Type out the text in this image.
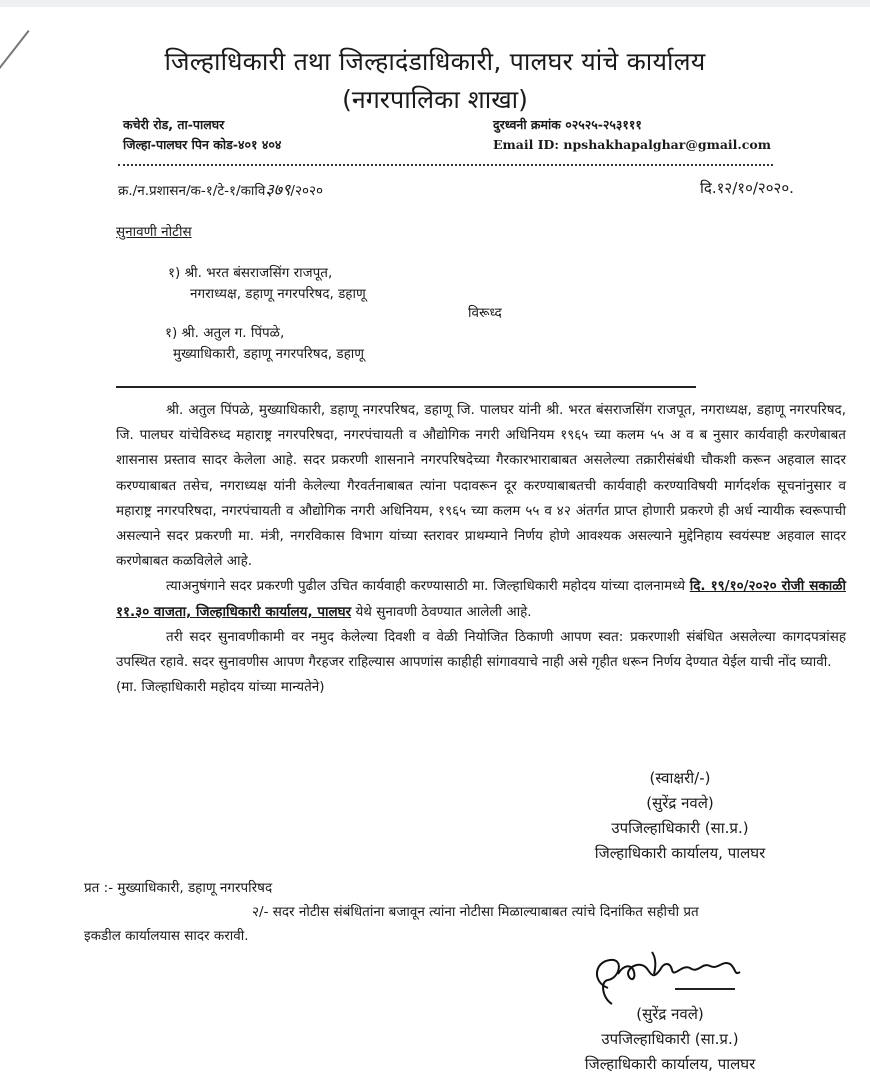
जिल्हाधिकारी तथा जिल्हादंडाधिकारी, पालघर यांचे कार्यालय
(नगरपालिका शाखा)
कचेरी रोड, ता-पालघर
जिल्हा-पालघर पिन कोड-४०१ ४०४
दुरध्वनी क्रमांक ०२५२५-२५३१११
Email ID: npshakhapalghar@gmail.com
क्र./न.प्रशासन/क-१/टे-१/कावि३७९/२०२०	दि.१२/१०/२०२०.
सुनावणी नोटीस
१) श्री. भरत बंसराजसिंग राजपूत,
नगराध्यक्ष, डहाणू नगरपरिषद, डहाणू
विरूध्द
१) श्री. अतुल ग. पिंपळे,
मुख्याधिकारी, डहाणू नगरपरिषद, डहाणू

श्री. अतुल पिंपळे, मुख्याधिकारी, डहाणू नगरपरिषद, डहाणू जि. पालघर यांनी श्री. भरत बंसराजसिंग राजपूत, नगराध्यक्ष, डहाणू नगरपरिषद, जि. पालघर यांचेविरुध्द महाराष्ट्र नगरपरिषदा, नगरपंचायती व औद्योगिक नगरी अधिनियम १९६५ च्या कलम ५५ अ व ब नुसार कार्यवाही करणेबाबत शासनास प्रस्ताव सादर केलेला आहे. सदर प्रकरणी शासनाने नगरपरिषदेच्या गैरकारभाराबाबत असलेल्या तक्रारीसंबंधी चौकशी करून अहवाल सादर करण्याबाबत तसेच, नगराध्यक्ष यांनी केलेल्या गैरवर्तनाबाबत त्यांना पदावरून दूर करण्याबाबतची कार्यवाही करण्याविषयी मार्गदर्शक सूचनांनुसार व महाराष्ट्र नगरपरिषदा, नगरपंचायती व औद्योगिक नगरी अधिनियम, १९६५ च्या कलम ५५ व ४२ अंतर्गत प्राप्त होणारी प्रकरणे ही अर्ध न्यायीक स्वरूपाची असल्याने सदर प्रकरणी मा. मंत्री, नगरविकास विभाग यांच्या स्तरावर प्राथम्याने निर्णय होणे आवश्यक असल्याने मुद्देनिहाय स्वयंस्पष्ट अहवाल सादर करणेबाबत कळविलेले आहे.

त्याअनुषंगाने सदर प्रकरणी पुढील उचित कार्यवाही करण्यासाठी मा. जिल्हाधिकारी महोदय यांच्या दालनामध्ये दि. १९/१०/२०२० रोजी सकाळी ११.३० वाजता, जिल्हाधिकारी कार्यालय, पालघर येथे सुनावणी ठेवण्यात आलेली आहे.

तरी सदर सुनावणीकामी वर नमुद केलेल्या दिवशी व वेळी नियोजित ठिकाणी आपण स्वत: प्रकरणाशी संबंधित असलेल्या कागदपत्रांसह उपस्थित रहावे. सदर सुनावणीस आपण गैरहजर राहिल्यास आपणांस काहीही सांगावयाचे नाही असे गृहीत धरून निर्णय देण्यात येईल याची नोंद घ्यावी.

(मा. जिल्हाधिकारी महोदय यांच्या मान्यतेने)

(स्वाक्षरी/-)
(सुरेंद्र नवले)
उपजिल्हाधिकारी (सा.प्र.)
जिल्हाधिकारी कार्यालय, पालघर
प्रत :- मुख्याधिकारी, डहाणू नगरपरिषद
२/- सदर नोटीस संबंधितांना बजावून त्यांना नोटीसा मिळाल्याबाबत त्यांचे दिनांकित सहीची प्रत
इकडील कार्यालयास सादर करावी.
(सुरेंद्र नवले)
उपजिल्हाधिकारी (सा.प्र.)
जिल्हाधिकारी कार्यालय, पालघर
